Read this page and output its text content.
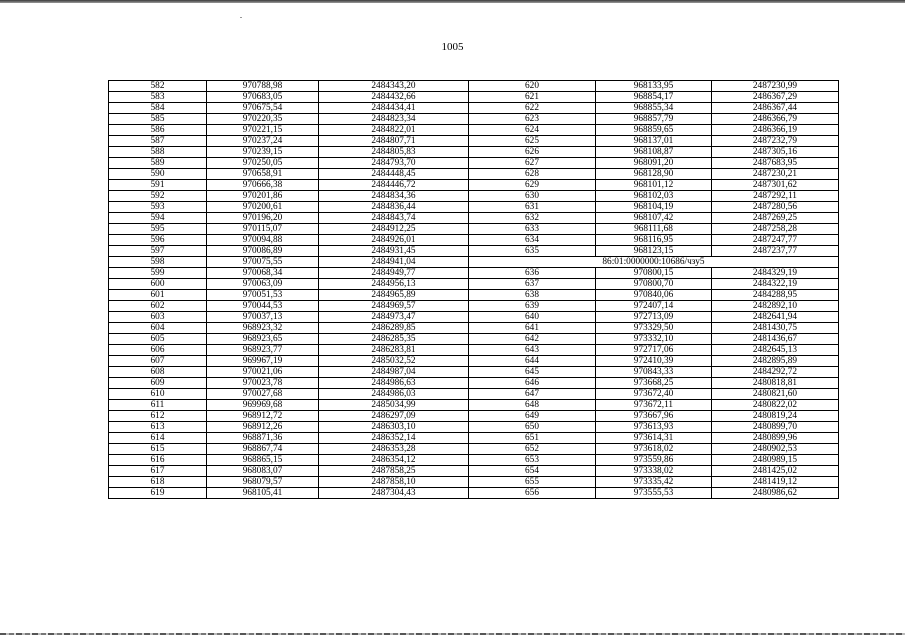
1005
582	970788,98	2484343,20	620	968133,95	2487230,99
583	970683,05	2484432,66	621	968854,17	2486367,29
584	970675,54	2484434,41	622	968855,34	2486367,44
585	970220,35	2484823,34	623	968857,79	2486366,79
586	970221,15	2484822,01	624	968859,65	2486366,19
587	970237,24	2484807,71	625	968137,01	2487232,79
588	970239,15	2484805,83	626	968108,87	2487305,16
589	970250,05	2484793,70	627	968091,20	2487683,95
590	970658,91	2484448,45	628	968128,90	2487230,21
591	970666,38	2484446,72	629	968101,12	2487301,62
592	970201,86	2484834,36	630	968102,03	2487292,11
593	970200,61	2484836,44	631	968104,19	2487280,56
594	970196,20	2484843,74	632	968107,42	2487269,25
595	970115,07	2484912,25	633	968111,68	2487258,28
596	970094,88	2484926,01	634	968116,95	2487247,77
597	970086,89	2484931,45	635	968123,15	2487237,77
598	970075,55	2484941,04	86:01:0000000:10686/чзу5		
599	970068,34	2484949,77	636	970800,15	2484329,19
600	970063,09	2484956,13	637	970800,70	2484322,19
601	970051,53	2484965,89	638	970840,06	2484288,95
602	970044,53	2484969,57	639	972407,14	2482892,10
603	970037,13	2484973,47	640	972713,09	2482641,94
604	968923,32	2486289,85	641	973329,50	2481430,75
605	968923,65	2486285,35	642	973332,10	2481436,67
606	968923,77	2486283,81	643	972717,06	2482645,13
607	969967,19	2485032,52	644	972410,39	2482895,89
608	970021,06	2484987,04	645	970843,33	2484292,72
609	970023,78	2484986,63	646	973668,25	2480818,81
610	970027,68	2484986,03	647	973672,40	2480821,60
611	969969,68	2485034,99	648	973672,11	2480822,02
612	968912,72	2486297,09	649	973667,96	2480819,24
613	968912,26	2486303,10	650	973613,93	2480899,70
614	968871,36	2486352,14	651	973614,31	2480899,96
615	968867,74	2486353,28	652	973618,02	2480902,53
616	968865,15	2486354,12	653	973559,86	2480989,15
617	968083,07	2487858,25	654	973338,02	2481425,02
618	968079,57	2487858,10	655	973335,42	2481419,12
619	968105,41	2487304,43	656	973555,53	2480986,62
